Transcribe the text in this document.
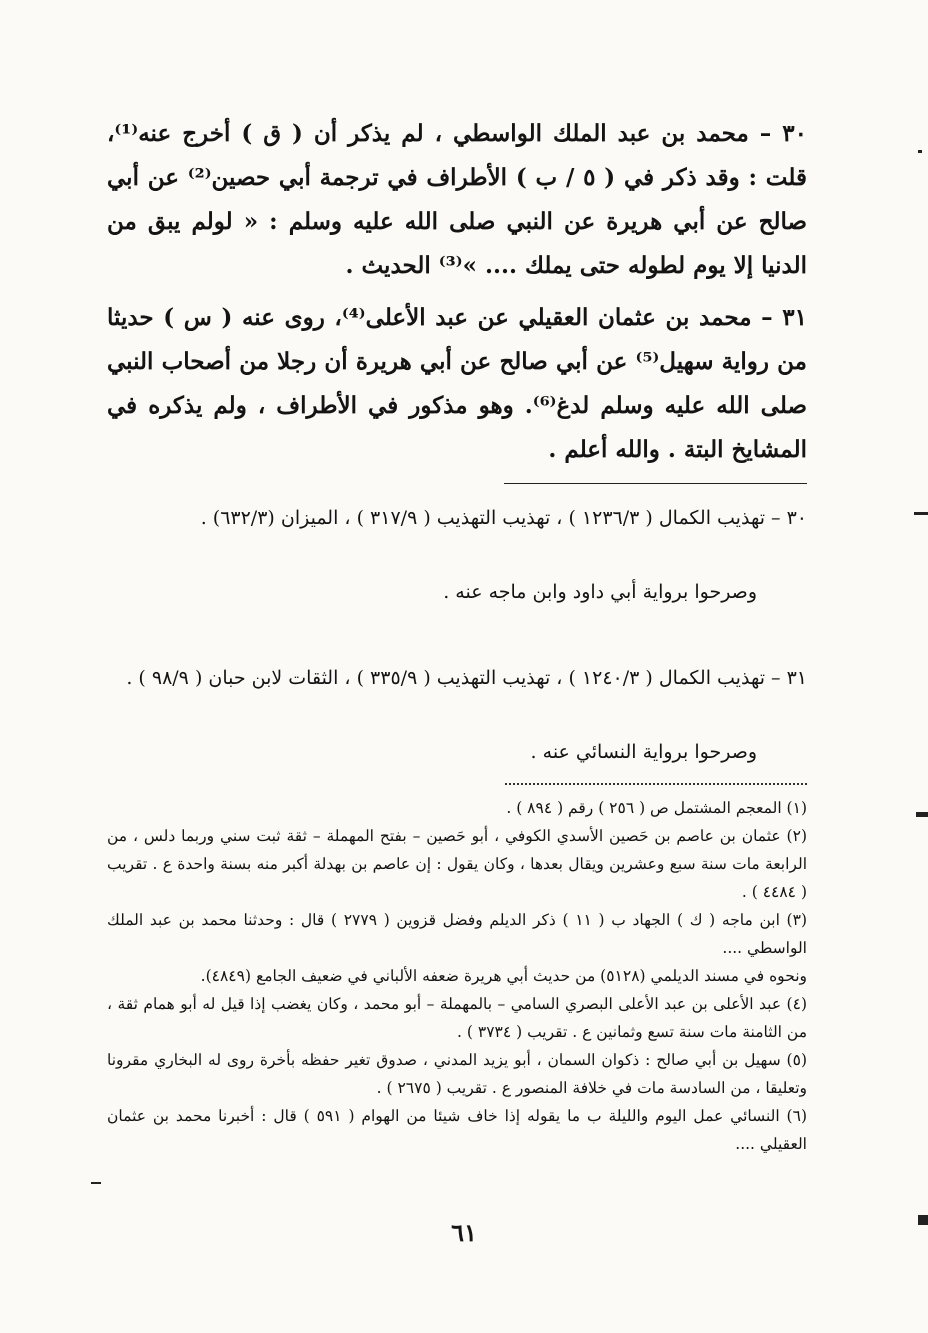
٣٠ – محمد بن عبد الملك الواسطي ، لم يذكر أن ( ق ) أخرج عنه⁽¹⁾، قلت : وقد ذكر في ( ٥ / ب ) الأطراف في ترجمة أبي حصين⁽²⁾ عن أبي صالح عن أبي هريرة عن النبي صلى الله عليه وسلم : « لولم يبق من الدنيا إلا يوم لطوله حتى يملك .... »⁽³⁾ الحديث .

٣١ – محمد بن عثمان العقيلي عن عبد الأعلى⁽⁴⁾، روى عنه ( س ) حديثا من رواية سهيل⁽⁵⁾ عن أبي صالح عن أبي هريرة أن رجلا من أصحاب النبي صلى الله عليه وسلم لدغ⁽⁶⁾. وهو مذكور في الأطراف ، ولم يذكره في المشايخ البتة . والله أعلم .

٣٠ – تهذيب الكمال ( ١٢٣٦/٣ ) ، تهذيب التهذيب ( ٣١٧/٩ ) ، الميزان (٦٣٢/٣) .

وصرحوا برواية أبي داود وابن ماجه عنه .

٣١ – تهذيب الكمال ( ١٢٤٠/٣ ) ، تهذيب التهذيب ( ٣٣٥/٩ ) ، الثقات لابن حبان ( ٩٨/٩ ) .

وصرحوا برواية النسائي عنه .

(١) المعجم المشتمل ص ( ٢٥٦ ) رقم ( ٨٩٤ ) .
(٢) عثمان بن عاصم بن حَصين الأسدي الكوفي ، أبو حَصين – بفتح المهملة – ثقة ثبت سني وربما دلس ، من الرابعة مات سنة سبع وعشرين ويقال بعدها ، وكان يقول : إن عاصم بن بهدلة أكبر منه بسنة واحدة ع . تقريب ( ٤٤٨٤ ) .
(٣) ابن ماجه ( ك ) الجهاد ب ( ١١ ) ذكر الديلم وفضل قزوين ( ٢٧٧٩ ) قال : وحدثنا محمد بن عبد الملك الواسطي ....
ونحوه في مسند الديلمي (٥١٢٨) من حديث أبي هريرة ضعفه الألباني في ضعيف الجامع (٤٨٤٩).
(٤) عبد الأعلى بن عبد الأعلى البصري السامي – بالمهملة – أبو محمد ، وكان يغضب إذا قيل له أبو همام ثقة ، من الثامنة مات سنة تسع وثمانين ع . تقريب ( ٣٧٣٤ ) .
(٥) سهيل بن أبي صالح : ذكوان السمان ، أبو يزيد المدني ، صدوق تغير حفظه بأخرة روى له البخاري مقرونا وتعليقا ، من السادسة مات في خلافة المنصور ع . تقريب ( ٢٦٧٥ ) .
(٦) النسائي عمل اليوم والليلة ب ما يقوله إذا خاف شيئا من الهوام ( ٥٩١ ) قال : أخبرنا محمد بن عثمان العقيلي ....
٦١
